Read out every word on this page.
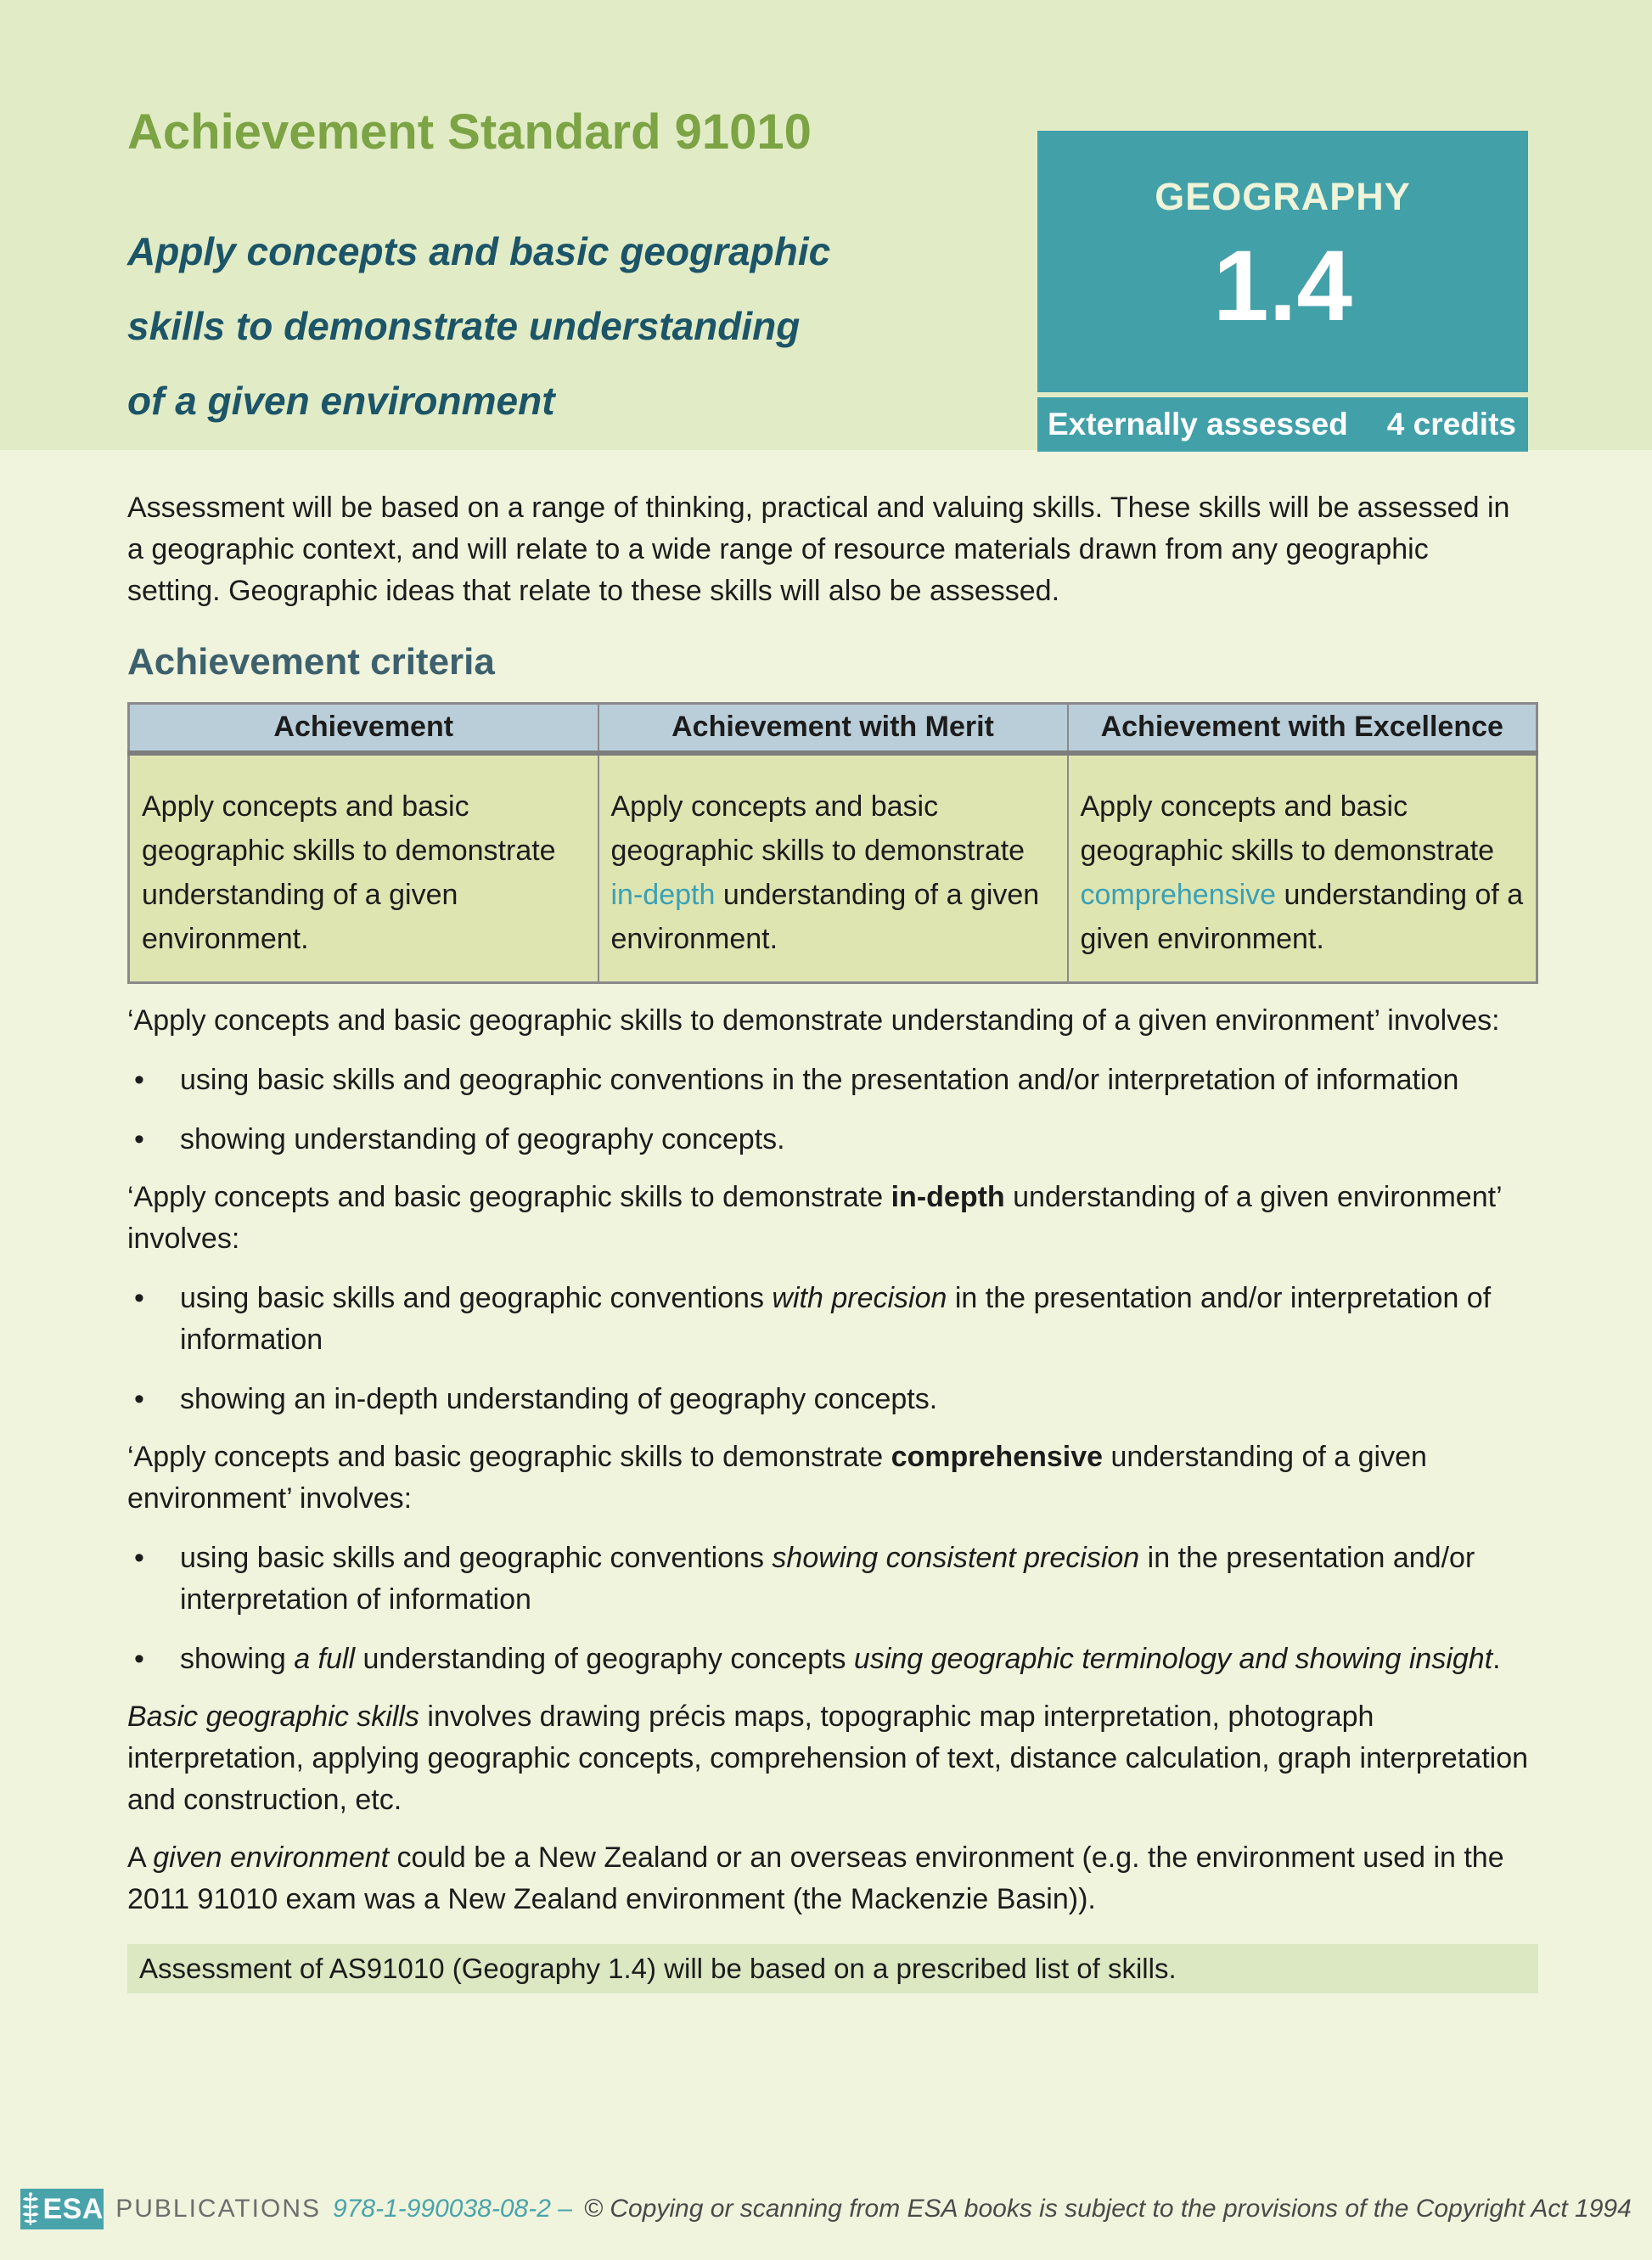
Achievement Standard 91010
Apply concepts and basic geographic
skills to demonstrate understanding
of a given environment
GEOGRAPHY
1.4
Externally assessed 4 credits

Assessment will be based on a range of thinking, practical and valuing skills. These skills will be assessed in a geographic context, and will relate to a wide range of resource materials drawn from any geographic setting. Geographic ideas that relate to these skills will also be assessed.

Achievement criteria
Achievement	Achievement with Merit	Achievement with Excellence
Apply concepts and basic geographic skills to demonstrate understanding of a given environment.	Apply concepts and basic geographic skills to demonstrate in-depth understanding of a given environment.	Apply concepts and basic geographic skills to demonstrate comprehensive understanding of a given environment.
‘Apply concepts and basic geographic skills to demonstrate understanding of a given environment’ involves:
•	using basic skills and geographic conventions in the presentation and/or interpretation of information
•	showing understanding of geography concepts.
‘Apply concepts and basic geographic skills to demonstrate in-depth understanding of a given environment’ involves:
•	using basic skills and geographic conventions with precision in the presentation and/or interpretation of information
•	showing an in-depth understanding of geography concepts.
‘Apply concepts and basic geographic skills to demonstrate comprehensive understanding of a given environment’ involves:
•	using basic skills and geographic conventions showing consistent precision in the presentation and/or interpretation of information
•	showing a full understanding of geography concepts using geographic terminology and showing insight.
Basic geographic skills involves drawing précis maps, topographic map interpretation, photograph interpretation, applying geographic concepts, comprehension of text, distance calculation, graph interpretation and construction, etc.
A given environment could be a New Zealand or an overseas environment (e.g. the environment used in the 2011 91010 exam was a New Zealand environment (the Mackenzie Basin)).
Assessment of AS91010 (Geography 1.4) will be based on a prescribed list of skills.
ESA PUBLICATIONS 978-1-990038-08-2 – © Copying or scanning from ESA books is subject to the provisions of the Copyright Act 1994
